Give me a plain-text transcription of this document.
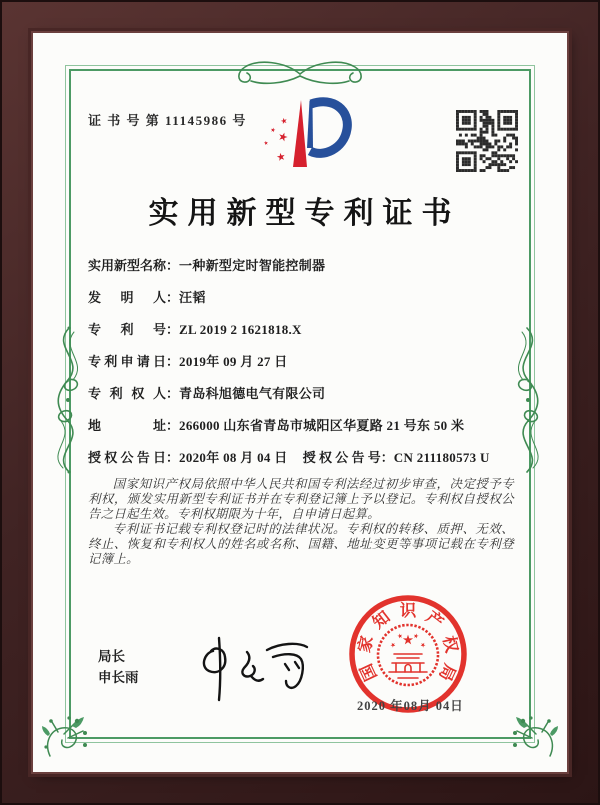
证 书 号 第 11145986 号
实用新型专利证书
实用新型名称：一种新型定时智能控制器
发明人：汪韬
专利号：ZL 2019 2 1621818.X
专利申请日：2019年 09 月 27 日
专利权人：青岛科旭德电气有限公司
地址：266000 山东省青岛市城阳区华夏路 21 号东 50 米
授权公告日：2020年 08 月 04 日 授权公告号：CN 211180573 U

国家知识产权局依照中华人民共和国专利法经过初步审查，决定授予专利权，颁发实用新型专利证书并在专利登记簿上予以登记。专利权自授权公告之日起生效。专利权期限为十年，自申请日起算。

专利证书记载专利权登记时的法律状况。专利权的转移、质押、无效、终止、恢复和专利权人的姓名或名称、国籍、地址变更等事项记载在专利登记簿上。

局长
申长雨	国
家
知 识 产
权
局
2020 年08月 04日
